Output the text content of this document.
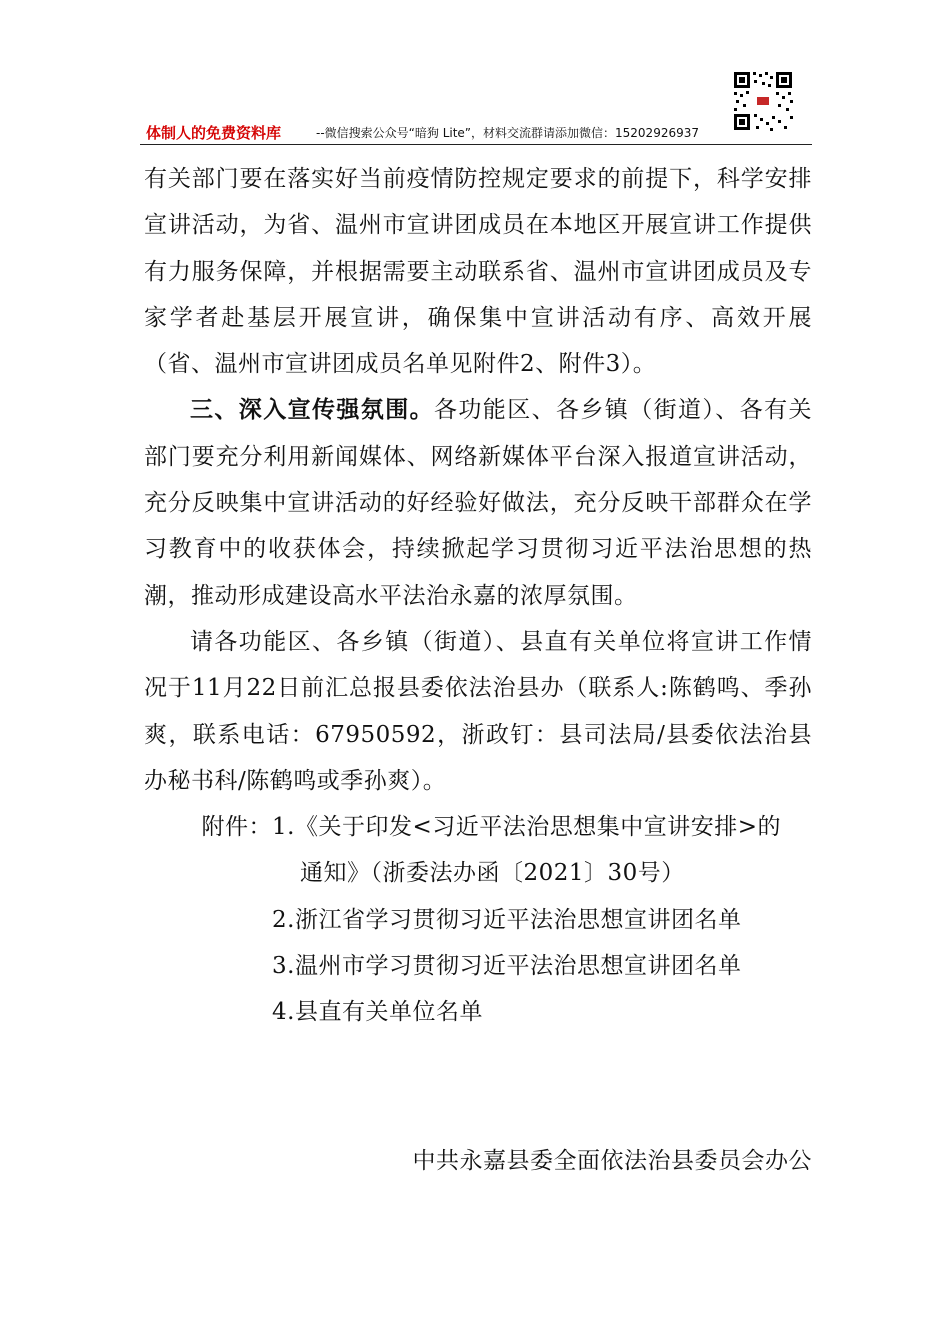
体制人的免费资料库	--微信搜索公众号“暗狗 Lite”，材料交流群请添加微信：15202926937

有关部门要在落实好当前疫情防控规定要求的前提下，科学安排宣讲活动，为省、温州市宣讲团成员在本地区开展宣讲工作提供有力服务保障，并根据需要主动联系省、温州市宣讲团成员及专家学者赴基层开展宣讲，确保集中宣讲活动有序、高效开展（省、温州市宣讲团成员名单见附件2、附件3）。

三、深入宣传强氛围。各功能区、各乡镇（街道）、各有关部门要充分利用新闻媒体、网络新媒体平台深入报道宣讲活动，充分反映集中宣讲活动的好经验好做法，充分反映干部群众在学习教育中的收获体会，持续掀起学习贯彻习近平法治思想的热潮，推动形成建设高水平法治永嘉的浓厚氛围。

请各功能区、各乡镇（街道）、县直有关单位将宣讲工作情况于11月22日前汇总报县委依法治县办（联系人:陈鹤鸣、季孙爽，联系电话：67950592，浙政钉：县司法局/县委依法治县办秘书科/陈鹤鸣或季孙爽）。

附件： 1.《关于印发<习近平法治思想集中宣讲安排>的

通知》（浙委法办函〔2021〕30号）

2.浙江省学习贯彻习近平法治思想宣讲团名单

3.温州市学习贯彻习近平法治思想宣讲团名单

4.县直有关单位名单

中共永嘉县委全面依法治县委员会办公
